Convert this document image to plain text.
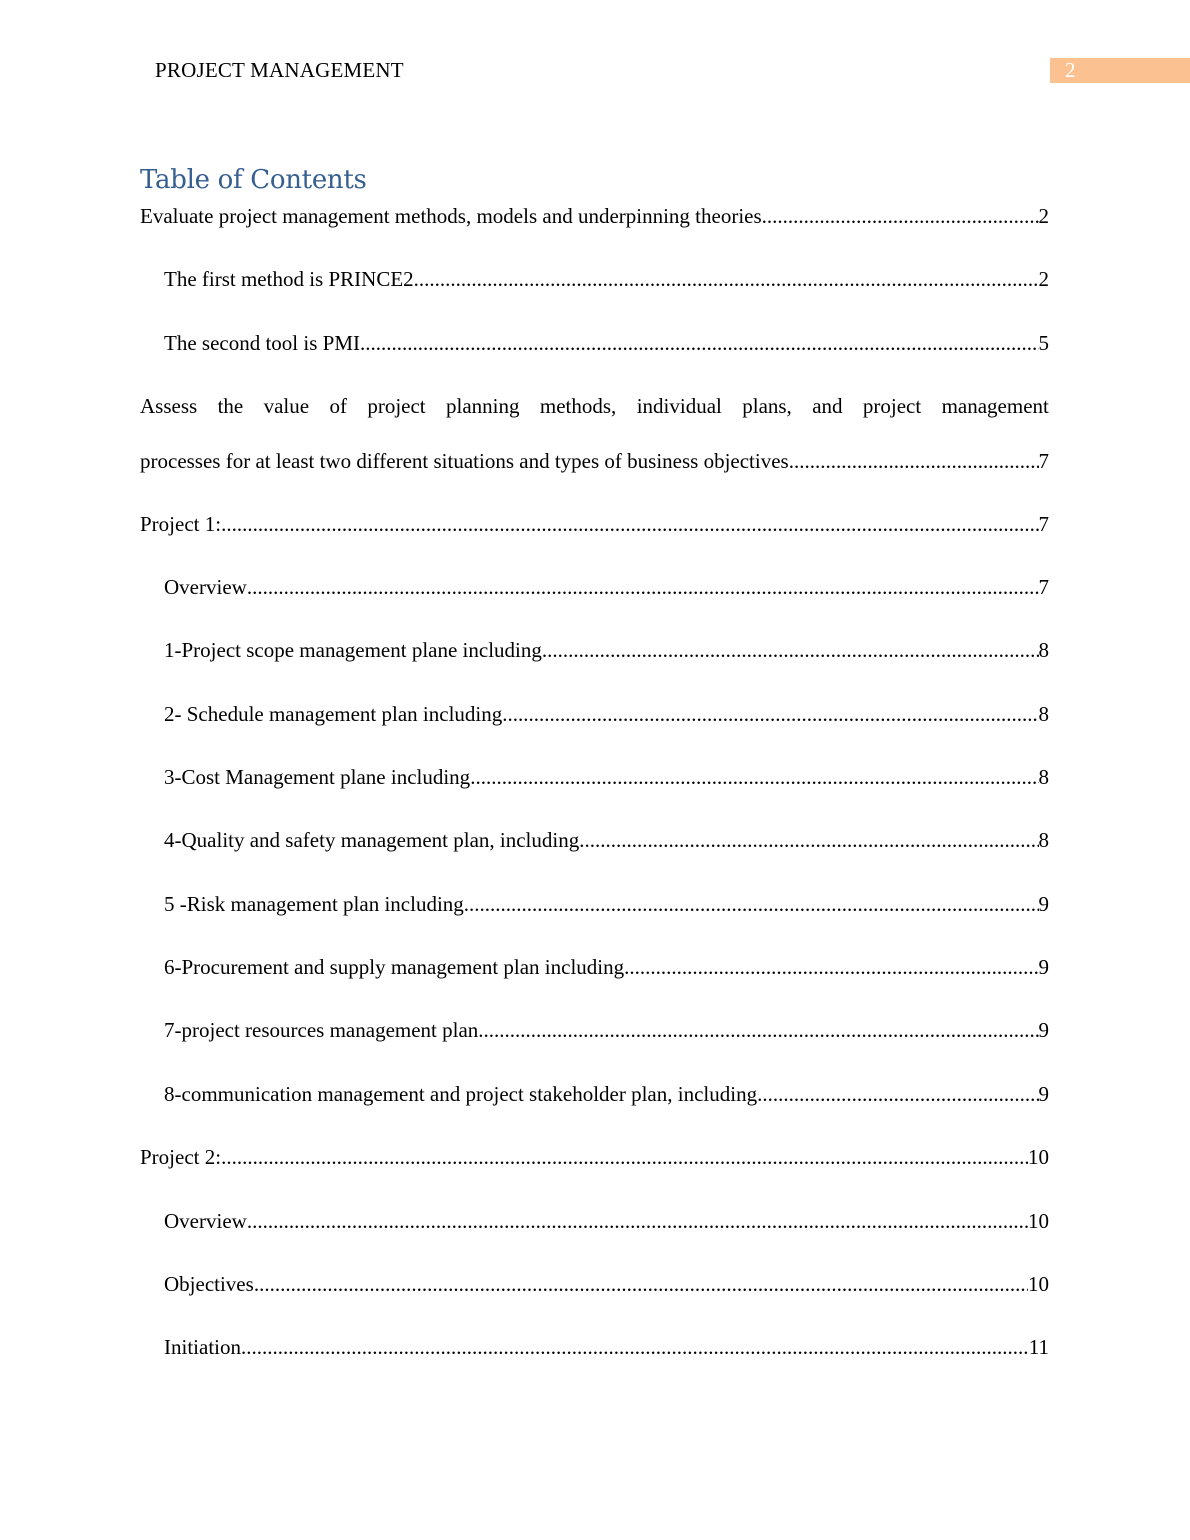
PROJECT MANAGEMENT	2
Table of Contents
Evaluate project management methods, models and underpinning theories .....	2
The first method is PRINCE2 .....	2
The second tool is PMI .....	5
Assess the value of project planning methods, individual plans, and project management
processes for at least two different situations and types of business objectives .....	7
Project 1: .....	7
Overview .....	7
1-Project scope management plane including .....	8
2- Schedule management plan including .....	8
3-Cost Management plane including .....	8
4-Quality and safety management plan, including .....	8
5 -Risk management plan including .....	9
6-Procurement and supply management plan including .....	9
7-project resources management plan .....	9
8-communication management and project stakeholder plan, including .....	9
Project 2: .....	10
Overview .....	10
Objectives .....	10
Initiation .....	11
